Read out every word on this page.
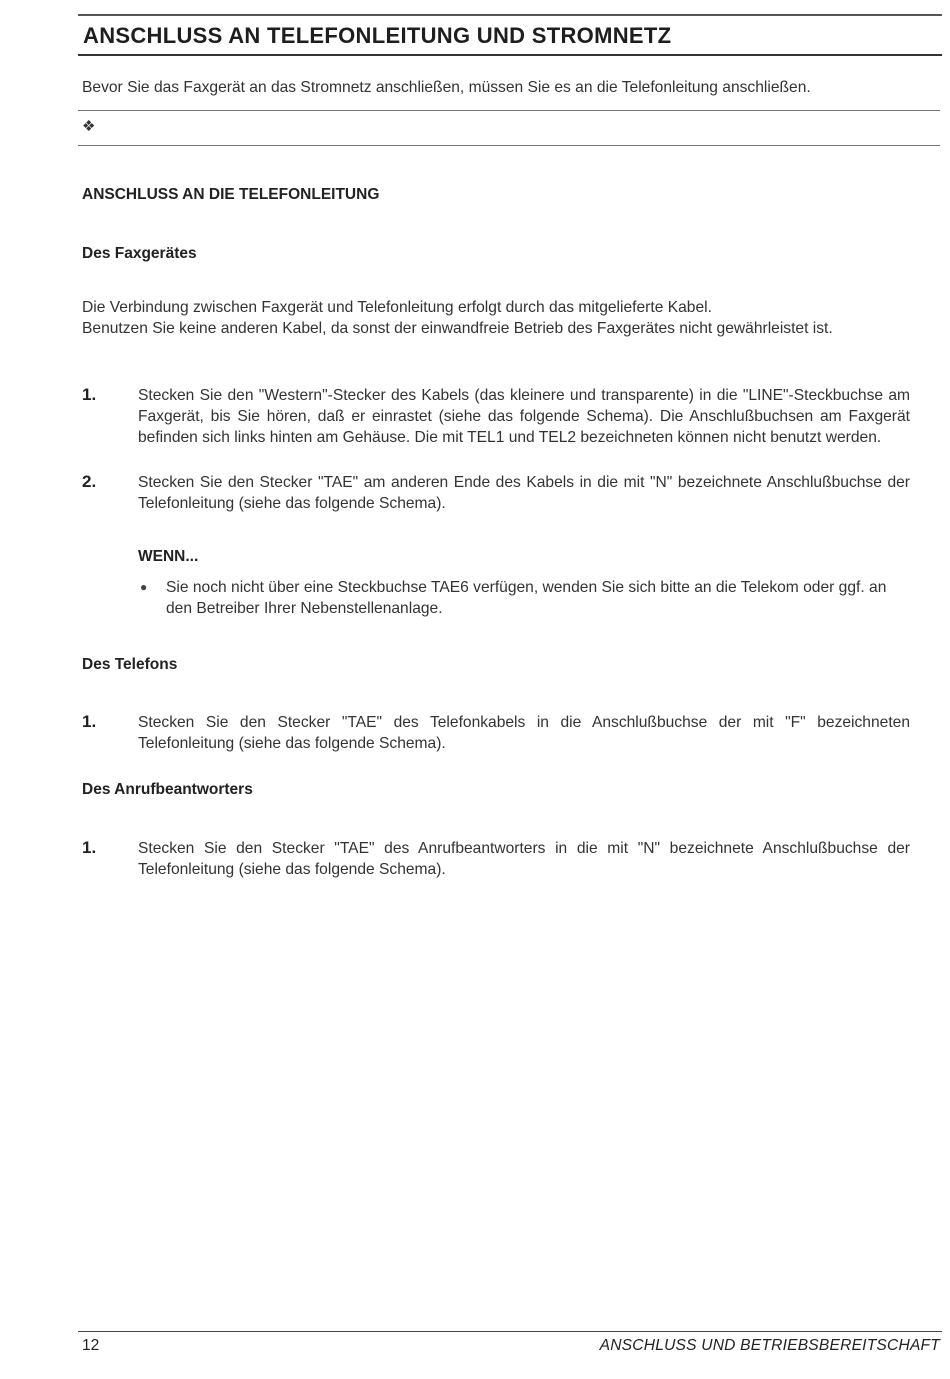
ANSCHLUSS AN TELEFONLEITUNG UND STROMNETZ
Bevor Sie das Faxgerät an das Stromnetz anschließen, müssen Sie es an die Telefonleitung anschließen.
❖
ANSCHLUSS AN DIE TELEFONLEITUNG
Des Faxgerätes

Die Verbindung zwischen Faxgerät und Telefonleitung erfolgt durch das mitgelieferte Kabel.

Benutzen Sie keine anderen Kabel, da sonst der einwandfreie Betrieb des Faxgerätes nicht gewährleistet ist.

1.	Stecken Sie den "Western"-Stecker des Kabels (das kleinere und transparente) in die "LINE"-Steckbuchse am Faxgerät, bis Sie hören, daß er einrastet (siehe das folgende Schema). Die Anschlußbuchsen am Faxgerät befinden sich links hinten am Gehäuse. Die mit TEL1 und TEL2 bezeichneten können nicht benutzt werden.
2.	Stecken Sie den Stecker "TAE" am anderen Ende des Kabels in die mit "N" bezeichnete Anschlußbuchse der Telefonleitung (siehe das folgende Schema).
WENN...
● Sie noch nicht über eine Steckbuchse TAE6 verfügen, wenden Sie sich bitte an die Telekom oder ggf. an den Betreiber Ihrer Nebenstellenanlage.
Des Telefons
1.	Stecken Sie den Stecker "TAE" des Telefonkabels in die Anschlußbuchse der mit "F" bezeichneten Telefonleitung (siehe das folgende Schema).
Des Anrufbeantworters
1.	Stecken Sie den Stecker "TAE" des Anrufbeantworters in die mit "N" bezeichnete Anschlußbuchse der Telefonleitung (siehe das folgende Schema).
12	ANSCHLUSS UND BETRIEBSBEREITSCHAFT
